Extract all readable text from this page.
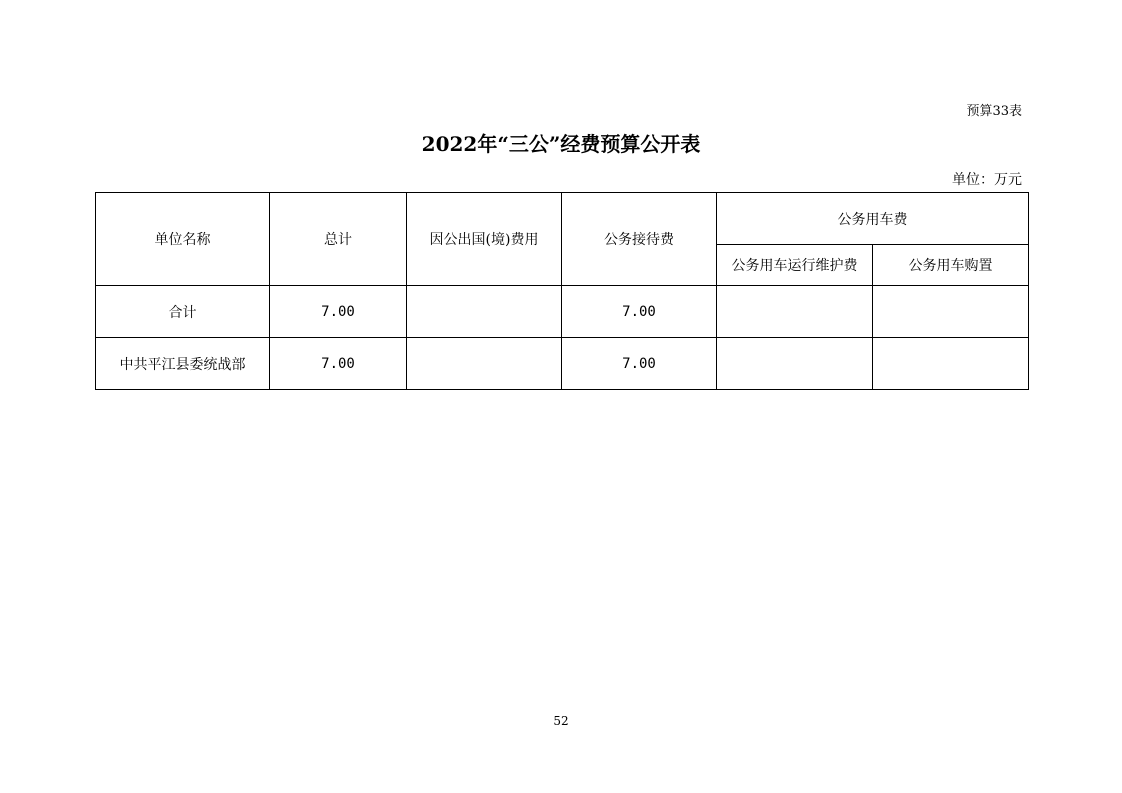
预算33表
2022年“三公”经费预算公开表
单位：万元
单位名称	总计	因公出国(境)费用	公务接待费	公务用车费	
				公务用车运行维护费	公务用车购置
合计	7.00		7.00		
中共平江县委统战部	7.00		7.00		
52
